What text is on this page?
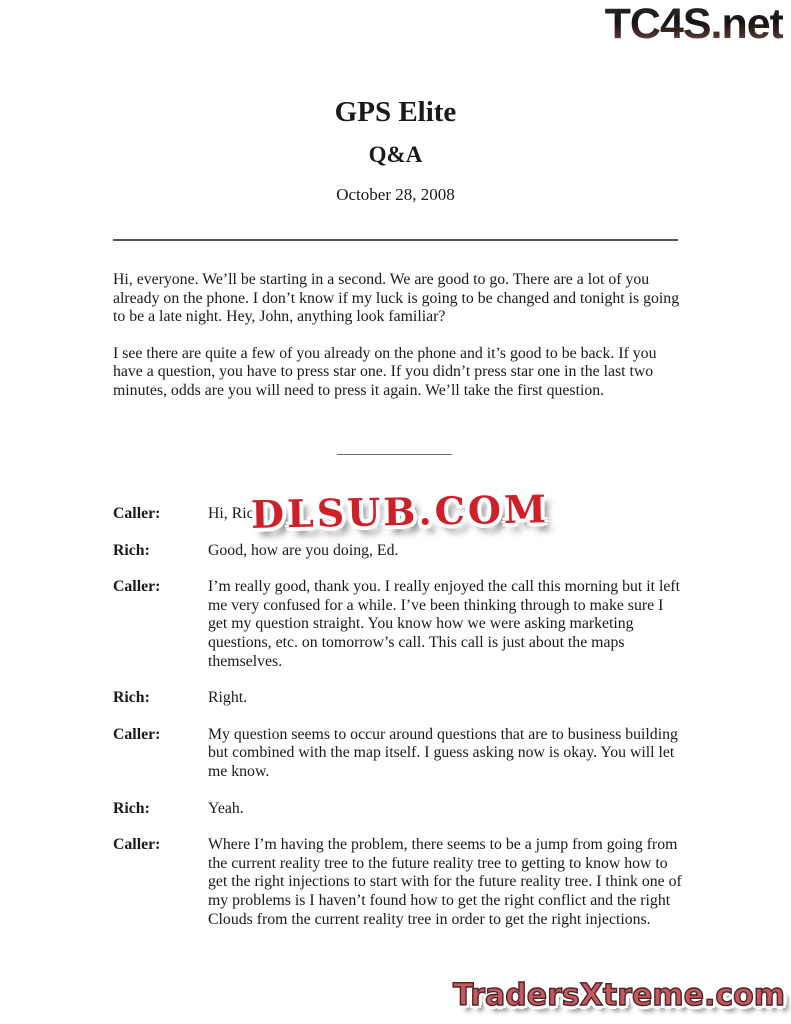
TC4S.net
GPS Elite
Q&A
October 28, 2008

Hi, everyone. We’ll be starting in a second. We are good to go. There are a lot of you already on the phone. I don’t know if my luck is going to be changed and tonight is going to be a late night. Hey, John, anything look familiar?

I see there are quite a few of you already on the phone and it’s good to be back. If you have a question, you have to press star one. If you didn’t press star one in the last two minutes, odds are you will need to press it again. We’ll take the first question.

Caller:	Hi, Rich
Rich:	Good, how are you doing, Ed.
Caller:	I’m really good, thank you. I really enjoyed the call this morning but it left me very confused for a while. I’ve been thinking through to make sure I get my question straight. You know how we were asking marketing questions, etc. on tomorrow’s call. This call is just about the maps themselves.
Rich:	Right.
Caller:	My question seems to occur around questions that are to business building but combined with the map itself. I guess asking now is okay. You will let me know.
Rich:	Yeah.
Caller:	Where I’m having the problem, there seems to be a jump from going from the current reality tree to the future reality tree to getting to know how to get the right injections to start with for the future reality tree. I think one of my problems is I haven’t found how to get the right conflict and the right Clouds from the current reality tree in order to get the right injections.
DLSUB.COM
TradersXtreme.com
